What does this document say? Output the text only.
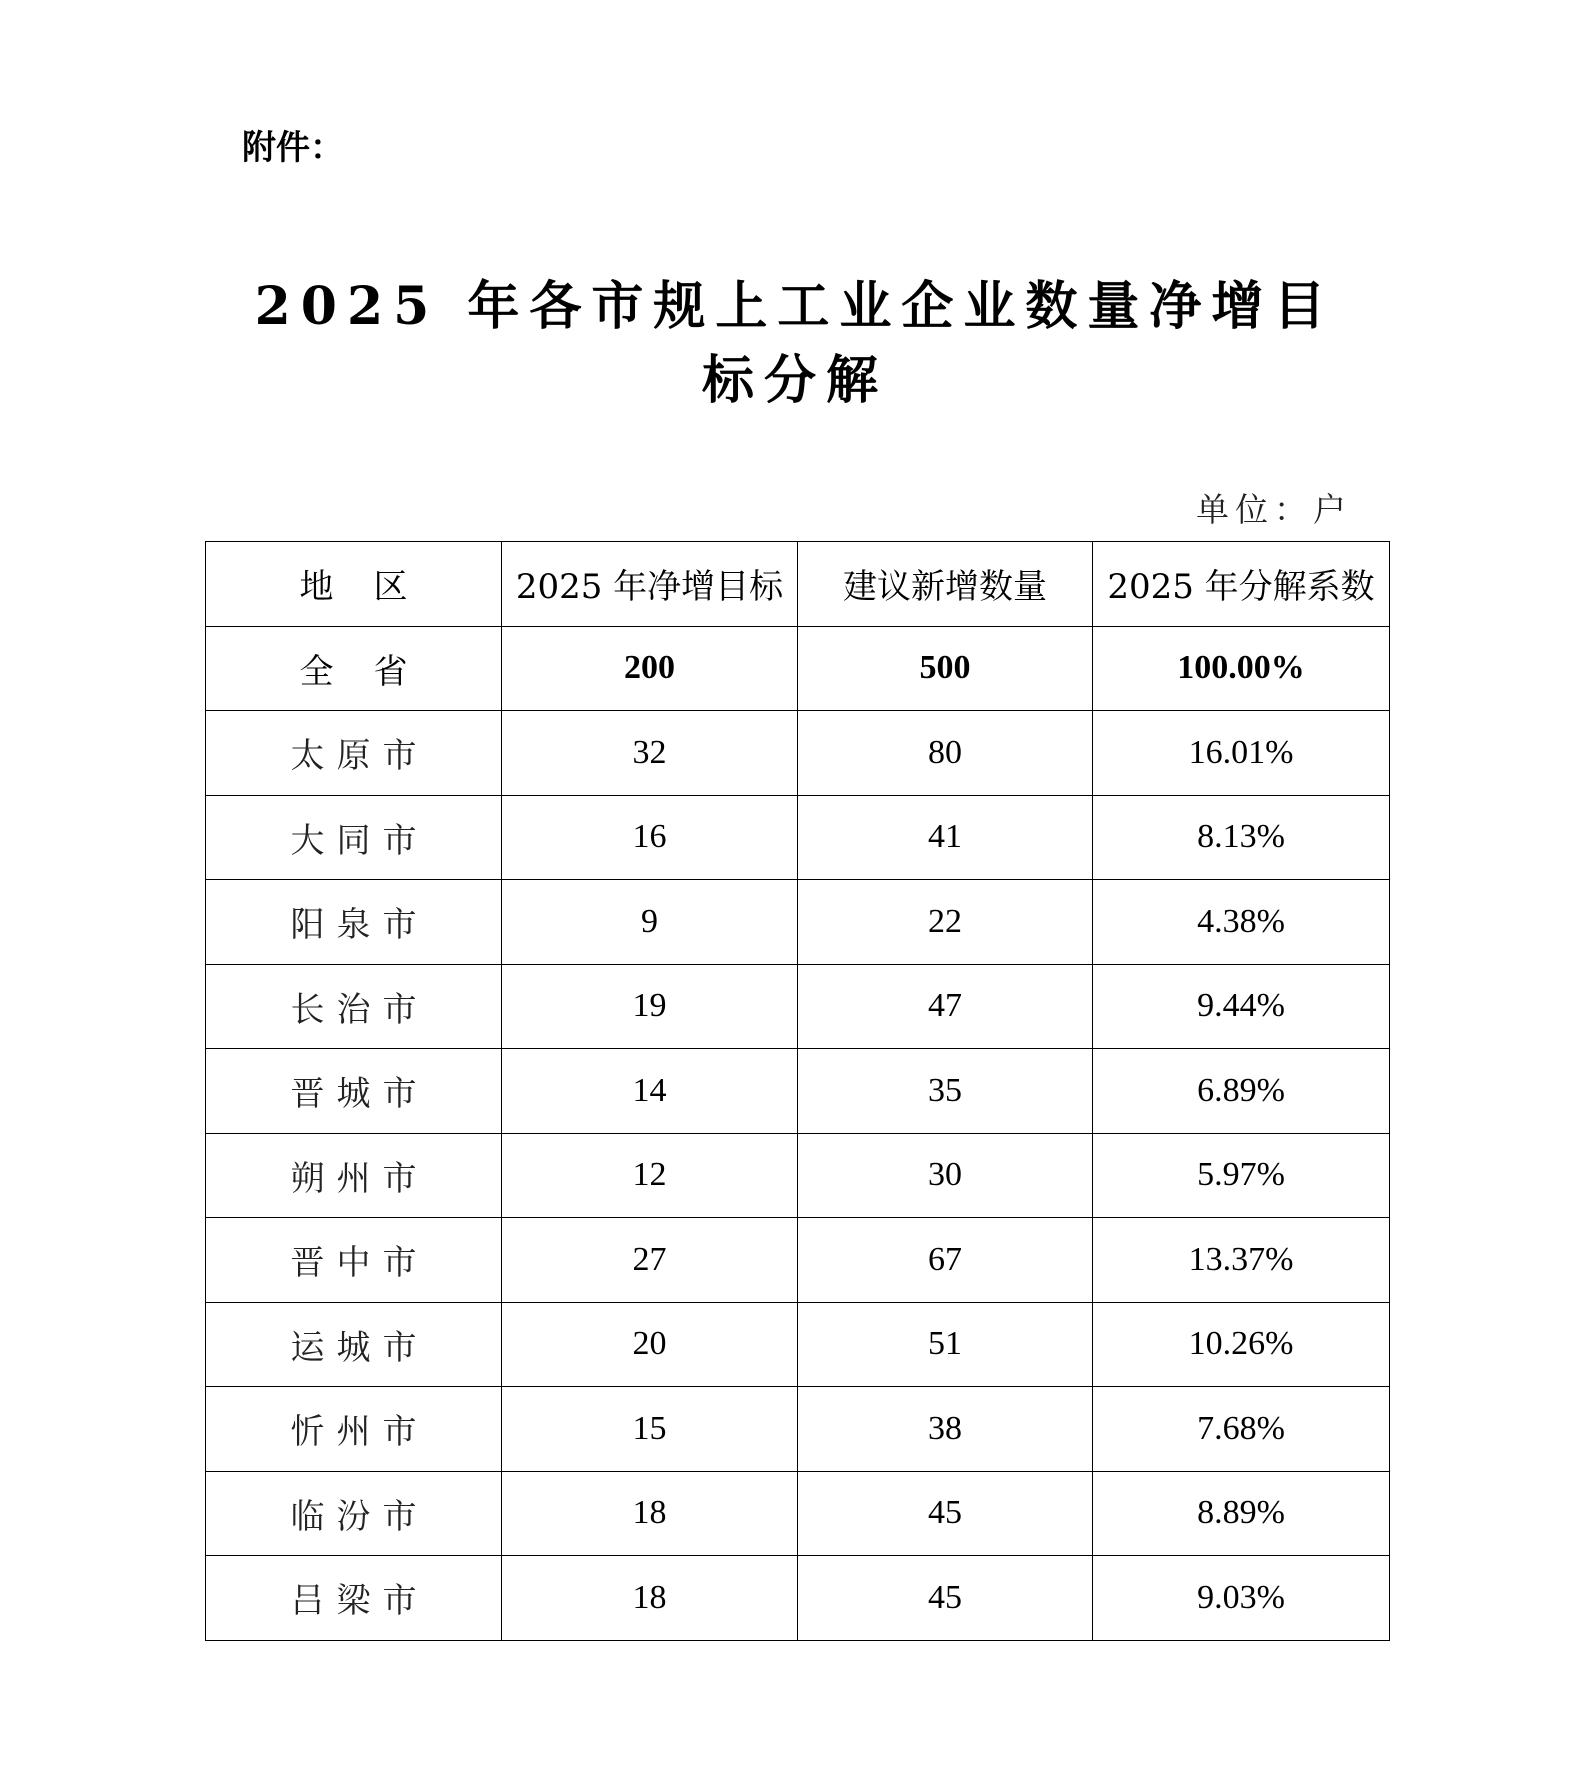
附件：
2025 年各市规上工业企业数量净增目标分解
单位：户
地区	2025 年净增目标	建议新增数量	2025 年分解系数
全省	200	500	100.00%
太原市	32	80	16.01%
大同市	16	41	8.13%
阳泉市	9	22	4.38%
长治市	19	47	9.44%
晋城市	14	35	6.89%
朔州市	12	30	5.97%
晋中市	27	67	13.37%
运城市	20	51	10.26%
忻州市	15	38	7.68%
临汾市	18	45	8.89%
吕梁市	18	45	9.03%
